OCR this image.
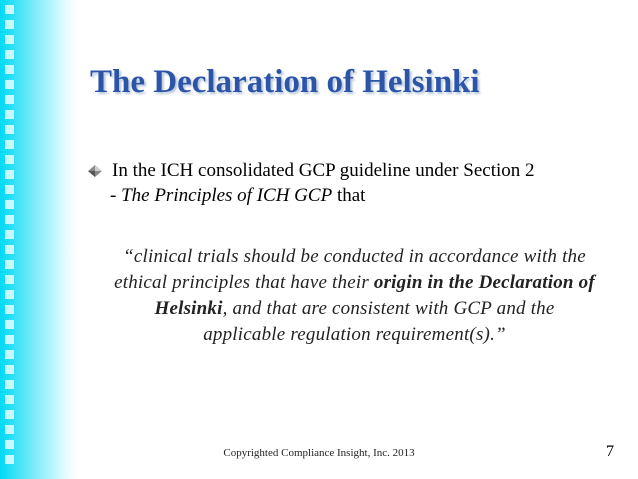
The Declaration of Helsinki
In the ICH consolidated GCP guideline under Section 2
- The Principles of ICH GCP that
“clinical trials should be conducted in accordance with the ethical principles that have their origin in the Declaration of Helsinki, and that are consistent with GCP and the applicable regulation requirement(s).”
Copyrighted Compliance Insight, Inc. 2013	7
